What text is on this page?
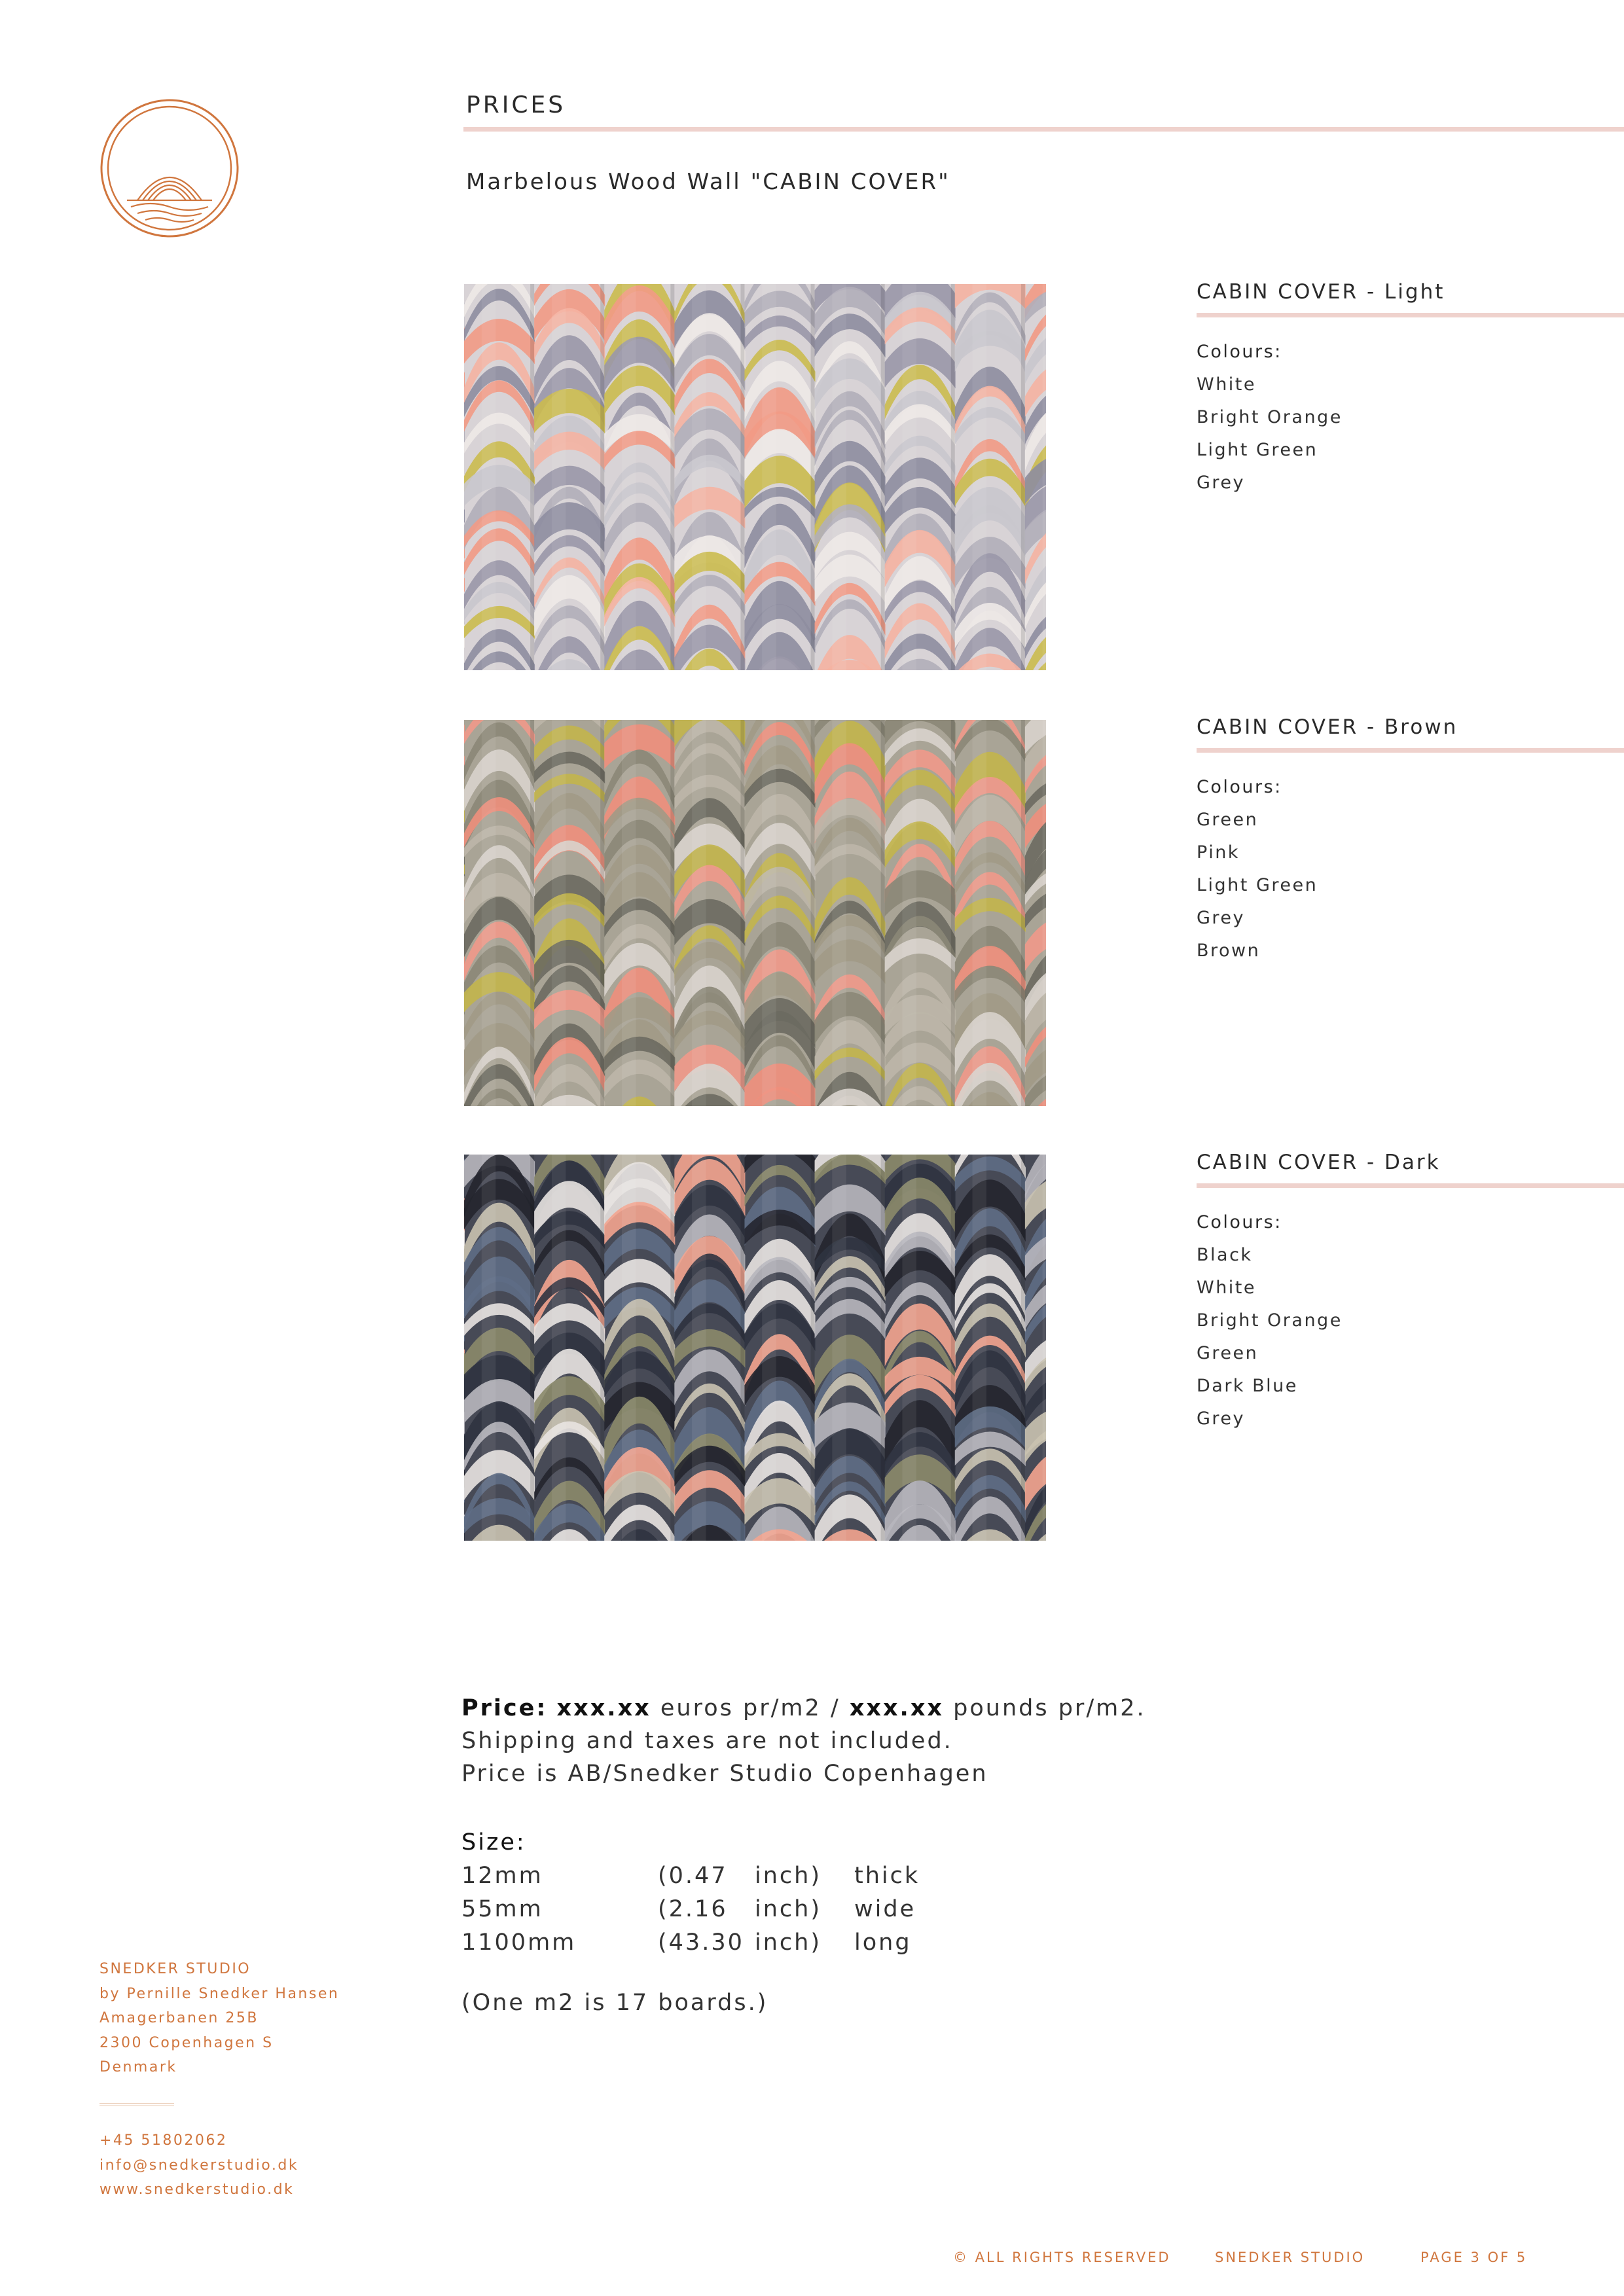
PRICES
Marbelous Wood Wall "CABIN COVER"
CABIN COVER - Light
Colours:
White
Bright Orange
Light Green
Grey
CABIN COVER - Brown
Colours:
Green
Pink
Light Green
Grey
Brown
CABIN COVER - Dark
Colours:
Black
White
Bright Orange
Green
Dark Blue
Grey
Price: xxx.xx euros pr/m2 / xxx.xx pounds pr/m2.
Shipping and taxes are not included.
Price is AB/Snedker Studio Copenhagen
Size:
12mm	(0.47 inch) thick
55mm	(2.16 inch) wide
1100mm	(43.30 inch) long
(One m2 is 17 boards.)
SNEDKER STUDIO
by Pernille Snedker Hansen
Amagerbanen 25B
2300 Copenhagen S
Denmark
+45 51802062
info@snedkerstudio.dk
www.snedkerstudio.dk
© ALL RIGHTS RESERVED	SNEDKER STUDIO	PAGE 3 OF 5
